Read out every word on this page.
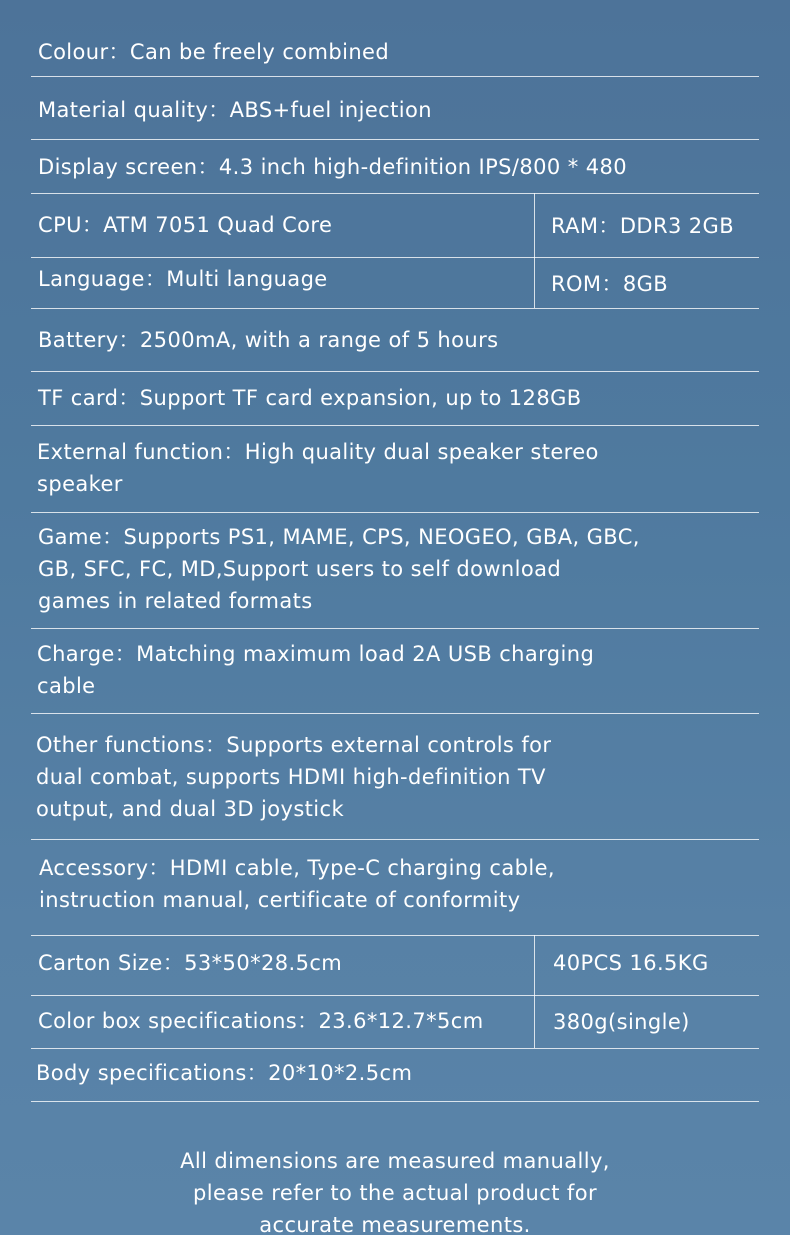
Colour：Can be freely combined
Material quality：ABS+fuel injection
Display screen：4.3 inch high-definition IPS/800 * 480
CPU：ATM 7051 Quad Core	RAM：DDR3 2GB
Language：Multi language	ROM：8GB
Battery：2500mA, with a range of 5 hours
TF card：Support TF card expansion, up to 128GB
External function：High quality dual speaker stereo
speaker
Game：Supports PS1, MAME, CPS, NEOGEO, GBA, GBC,
GB, SFC, FC, MD,Support users to self download
games in related formats
Charge：Matching maximum load 2A USB charging
cable
Other functions：Supports external controls for
dual combat, supports HDMI high-definition TV
output, and dual 3D joystick
Accessory：HDMI cable, Type-C charging cable,
instruction manual, certificate of conformity
Carton Size：53*50*28.5cm	40PCS 16.5KG
Color box specifications：23.6*12.7*5cm	380g(single)
Body specifications：20*10*2.5cm
All dimensions are measured manually,
please refer to the actual product for
accurate measurements.
